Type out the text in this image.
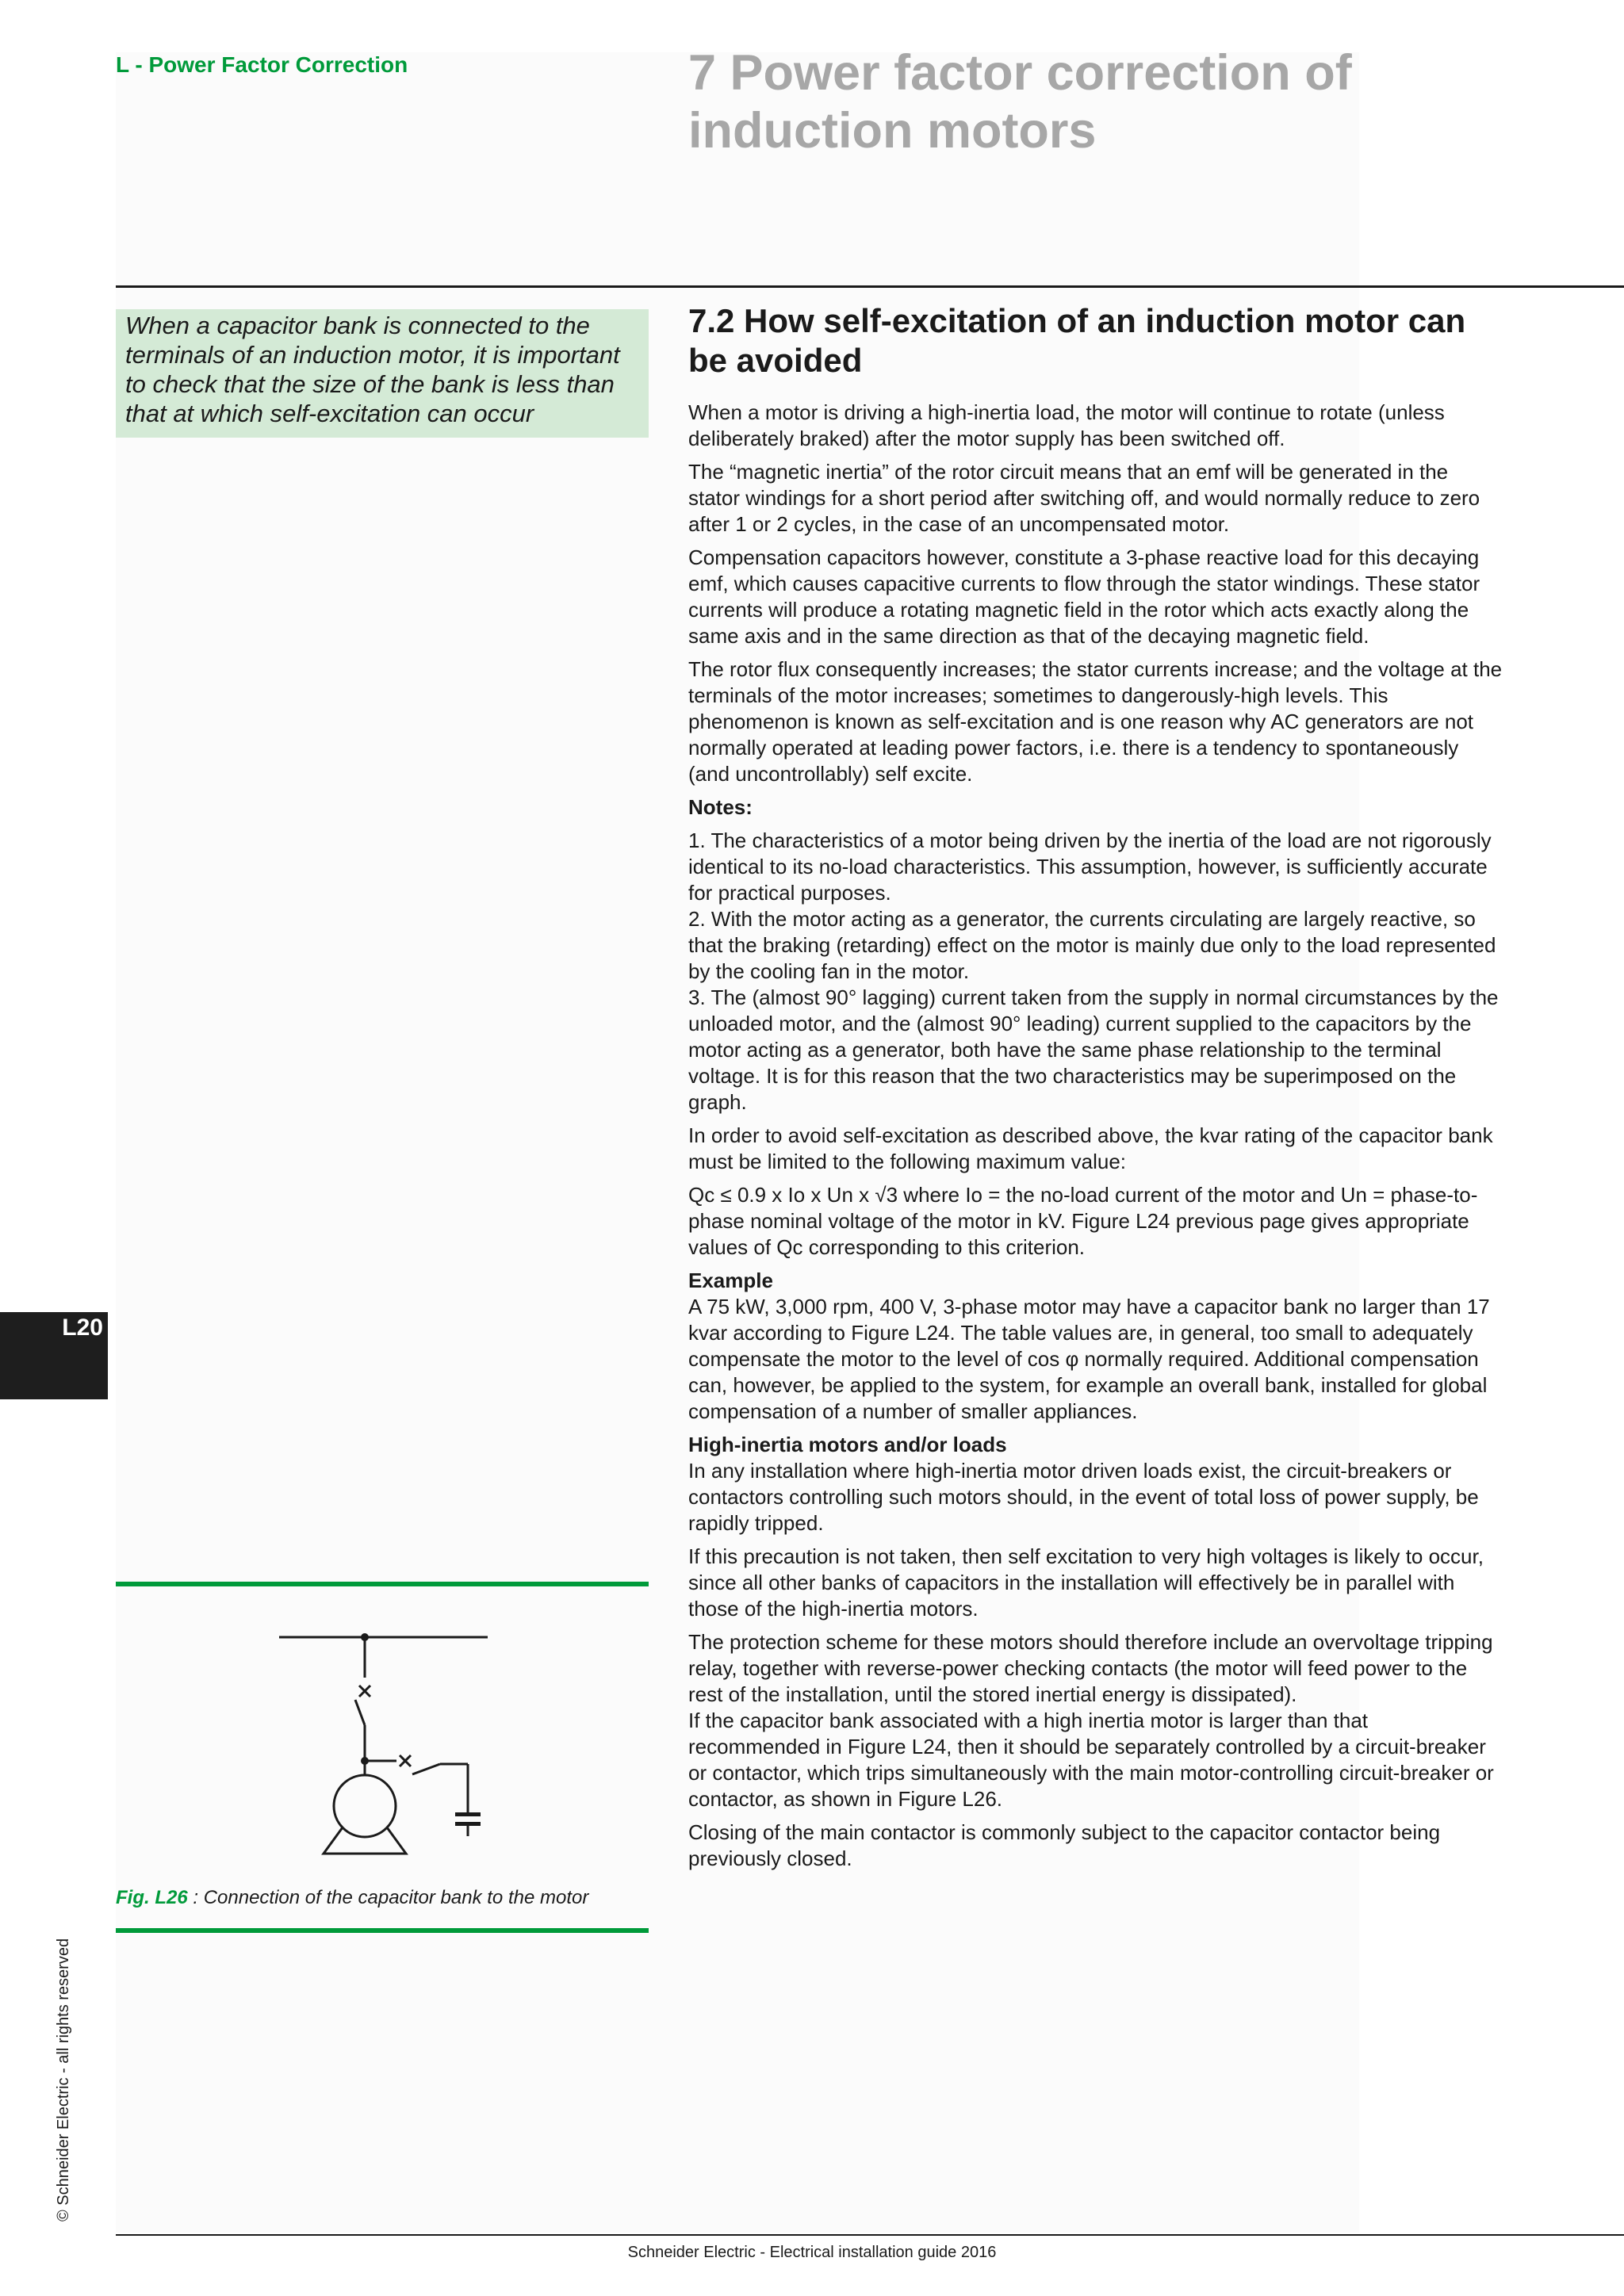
L - Power Factor Correction	7 Power factor correction of induction motors
When a capacitor bank is connected to the terminals of an induction motor, it is important to check that the size of the bank is less than that at which self-excitation can occur
7.2 How self-excitation of an induction motor can be avoided

When a motor is driving a high-inertia load, the motor will continue to rotate (unless deliberately braked) after the motor supply has been switched off.

The “magnetic inertia” of the rotor circuit means that an emf will be generated in the stator windings for a short period after switching off, and would normally reduce to zero after 1 or 2 cycles, in the case of an uncompensated motor.

Compensation capacitors however, constitute a 3-phase reactive load for this decaying emf, which causes capacitive currents to flow through the stator windings. These stator currents will produce a rotating magnetic field in the rotor which acts exactly along the same axis and in the same direction as that of the decaying magnetic field.

The rotor flux consequently increases; the stator currents increase; and the voltage at the terminals of the motor increases; sometimes to dangerously-high levels. This phenomenon is known as self-excitation and is one reason why AC generators are not normally operated at leading power factors, i.e. there is a tendency to spontaneously (and uncontrollably) self excite.

Notes:

1. The characteristics of a motor being driven by the inertia of the load are not rigorously identical to its no-load characteristics. This assumption, however, is sufficiently accurate for practical purposes.

2. With the motor acting as a generator, the currents circulating are largely reactive, so that the braking (retarding) effect on the motor is mainly due only to the load represented by the cooling fan in the motor.

3. The (almost 90° lagging) current taken from the supply in normal circumstances by the unloaded motor, and the (almost 90° leading) current supplied to the capacitors by the motor acting as a generator, both have the same phase relationship to the terminal voltage. It is for this reason that the two characteristics may be superimposed on the graph.

In order to avoid self-excitation as described above, the kvar rating of the capacitor bank must be limited to the following maximum value:

Qc ≤ 0.9 x Io x Un x √3 where Io = the no-load current of the motor and Un = phase-to-phase nominal voltage of the motor in kV. Figure L24 previous page gives appropriate values of Qc corresponding to this criterion.

Example

A 75 kW, 3,000 rpm, 400 V, 3-phase motor may have a capacitor bank no larger than 17 kvar according to Figure L24. The table values are, in general, too small to adequately compensate the motor to the level of cos φ normally required. Additional compensation can, however, be applied to the system, for example an overall bank, installed for global compensation of a number of smaller appliances.

High-inertia motors and/or loads

In any installation where high-inertia motor driven loads exist, the circuit-breakers or contactors controlling such motors should, in the event of total loss of power supply, be rapidly tripped.

If this precaution is not taken, then self excitation to very high voltages is likely to occur, since all other banks of capacitors in the installation will effectively be in parallel with those of the high-inertia motors.

The protection scheme for these motors should therefore include an overvoltage tripping relay, together with reverse-power checking contacts (the motor will feed power to the rest of the installation, until the stored inertial energy is dissipated).

If the capacitor bank associated with a high inertia motor is larger than that recommended in Figure L24, then it should be separately controlled by a circuit-breaker or contactor, which trips simultaneously with the main motor-controlling circuit-breaker or contactor, as shown in Figure L26.

Closing of the main contactor is commonly subject to the capacitor contactor being previously closed.

L20
© Schneider Electric - all rights reserved
Fig. L26 : Connection of the capacitor bank to the motor
Schneider Electric - Electrical installation guide 2016
